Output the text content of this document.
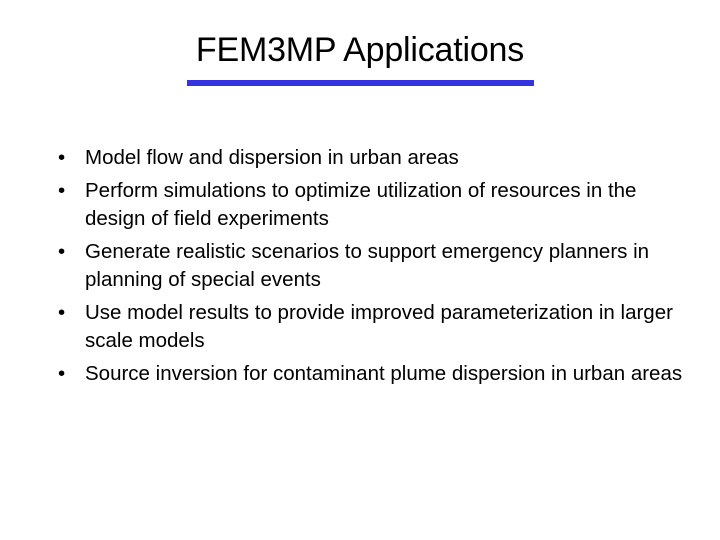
FEM3MP Applications
• Model flow and dispersion in urban areas
• Perform simulations to optimize utilization of resources in the design of field experiments
• Generate realistic scenarios to support emergency planners in planning of special events
• Use model results to provide improved parameterization in larger scale models
• Source inversion for contaminant plume dispersion in urban areas
